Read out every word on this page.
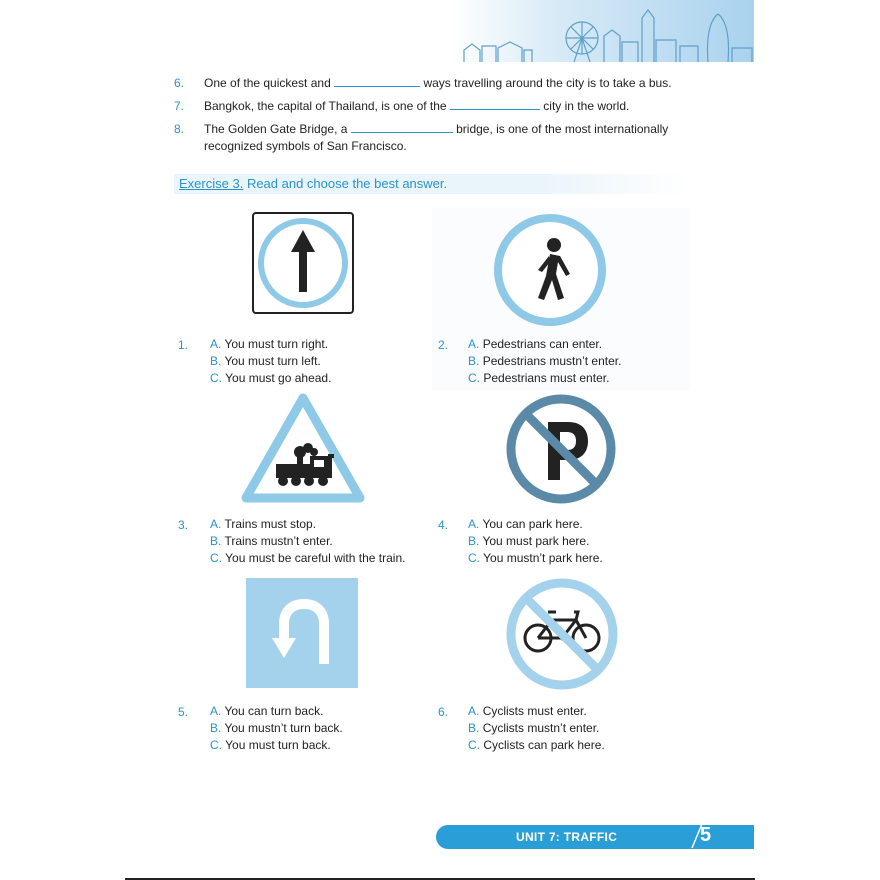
6. One of the quickest and	ways travelling around the city is to take a bus.
7. Bangkok, the capital of Thailand, is one of the	city in the world.
8. The Golden Gate Bridge, a	bridge, is one of the most internationally
recognized symbols of San Francisco.
Exercise 3. Read and choose the best answer.
1. A. You must turn right.
B. You must turn left.
C. You must go ahead.
2. A. Pedestrians can enter.
B. Pedestrians mustn’t enter.
C. Pedestrians must enter.
3. A. Trains must stop.
B. Trains mustn’t enter.
C. You must be careful with the train.
4. A. You can park here.
B. You must park here.
C. You mustn’t park here.
5. A. You can turn back.
B. You mustn’t turn back.
C. You must turn back.
6. A. Cyclists must enter.
B. Cyclists mustn’t enter.
C. Cyclists can park here.
UNIT 7: TRAFFIC	5
